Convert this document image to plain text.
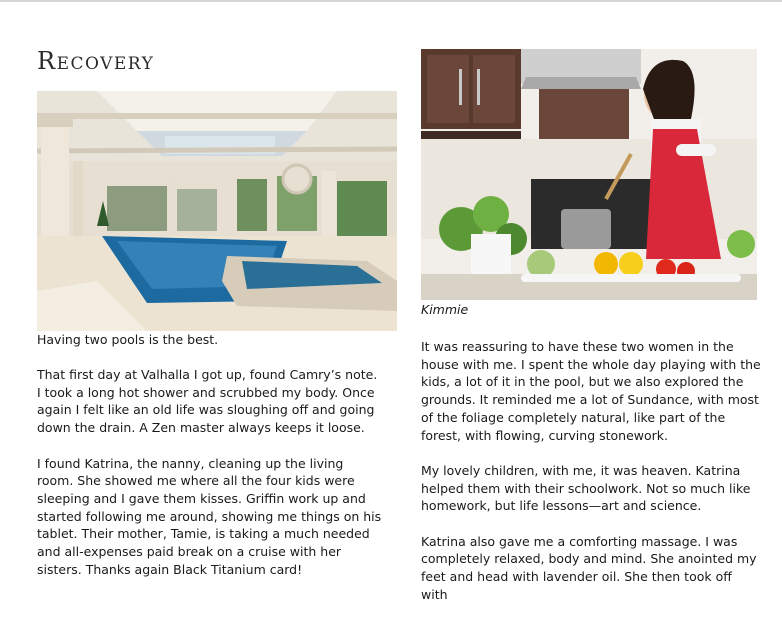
Recovery

Having two pools is the best.

That first day at Valhalla I got up, found Camry’s note. I took a long hot shower and scrubbed my body. Once again I felt like an old life was sloughing off and going down the drain. A Zen master always keeps it loose.

I found Katrina, the nanny, cleaning up the living room. She showed me where all the four kids were sleeping and I gave them kisses. Griffin work up and started following me around, showing me things on his tablet. Their mother, Tamie, is taking a much needed and all-expenses paid break on a cruise with her sisters. Thanks again Black Titanium card!

Kimmie

It was reassuring to have these two women in the house with me. I spent the whole day playing with the kids, a lot of it in the pool, but we also explored the grounds. It reminded me a lot of Sundance, with most of the foliage completely natural, like part of the forest, with flowing, curving stonework.

My lovely children, with me, it was heaven. Katrina helped them with their schoolwork. Not so much like homework, but life lessons—art and science.

Katrina also gave me a comforting massage. I was completely relaxed, body and mind. She anointed my feet and head with lavender oil. She then took off with
